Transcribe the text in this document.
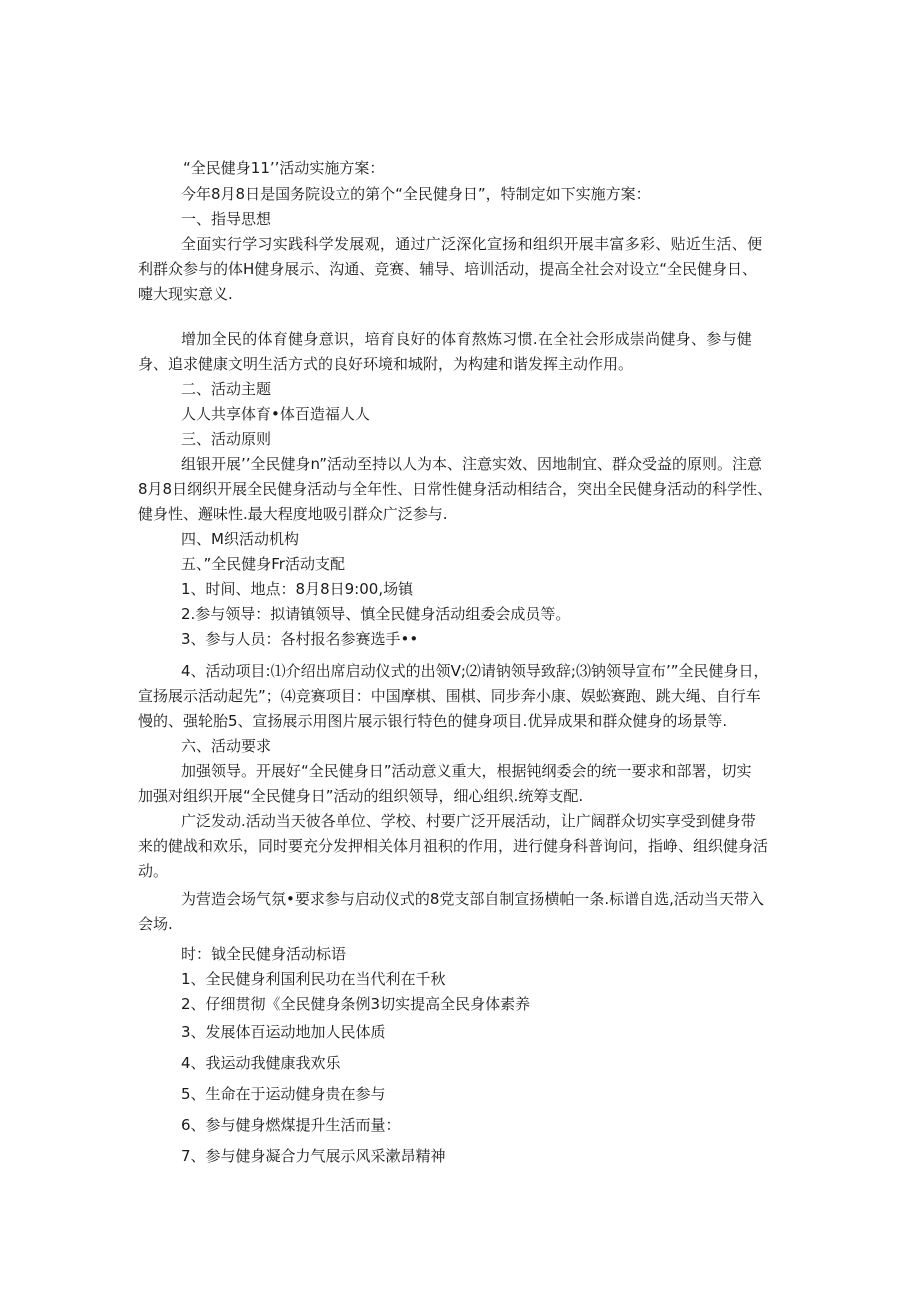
“全民健身11’’活动实施方案：

今年8月8日是国务院设立的第个“全民健身日”，特制定如下实施方案：

一、指导思想

全面实行学习实践科学发展观，通过广泛深化宣扬和组织开展丰富多彩、贴近生活、便

利群众参与的体H健身展示、沟通、竞赛、辅导、培训活动，提高全社会对设立“全民健身日、

嚏大现实意义.

增加全民的体育健身意识，培育良好的体育熬炼习惯.在全社会形成崇尚健身、参与健

身、追求健康文明生活方式的良好环境和城附，为构建和谐发挥主动作用。

二、活动主题

人人共享体育•体百造福人人

三、活动原则

组银开展’’全民健身n”活动至持以人为本、注意实效、因地制宜、群众受益的原则。注意

8月8日纲织开展全民健身活动与全年性、日常性健身活动相结合，突出全民健身活动的科学性、

健身性、邂味性.最大程度地吸引群众广泛参与.

四、M织活动机构

五、”全民健身Fr活动支配

1、时间、地点：8月8日9:00,场镇

2.参与领导：拟请镇领导、慎全民健身活动组委会成员等。

3、参与人员：各村报名参赛选手••

4、活动项目:⑴介绍出席启动仪式的出领V;⑵请钠领导致辞;⑶钠领导宣布’”全民健身日，

宣扬展示活动起先”；⑷竞赛项目：中国摩棋、围棋、同步奔小康、娱蚣赛跑、跳大绳、自行车

慢的、强轮胎5、宣扬展示用图片展示银行特色的健身项目.优异成果和群众健身的场景等.

六、活动要求

加强领导。开展好“全民健身日”活动意义重大，根据钝纲委会的统一要求和部署，切实

加强对组织开展“全民健身日”活动的组织领导，细心组织.统筹支配.

广泛发动.活动当天彼各单位、学校、村要广泛开展活动，让广阔群众切实享受到健身带

来的健战和欢乐，同时要充分发押相关体月祖积的作用，进行健身科普询问，指峥、组织健身活

动。

为营造会场气氛•要求参与启动仪式的8党支部自制宣扬横帕一条.标谱自选,活动当天带入

会场.

时：钺全民健身活动标语

1、全民健身利国利民功在当代利在千秋

2、仔细贯彻《全民健身条例3切实提高全民身体素养

3、发展体百运动地加人民体质

4、我运动我健康我欢乐

5、生命在于运动健身贵在参与

6、参与健身燃煤提升生活而量：

7、参与健身凝合力气展示风采漱昂精神
